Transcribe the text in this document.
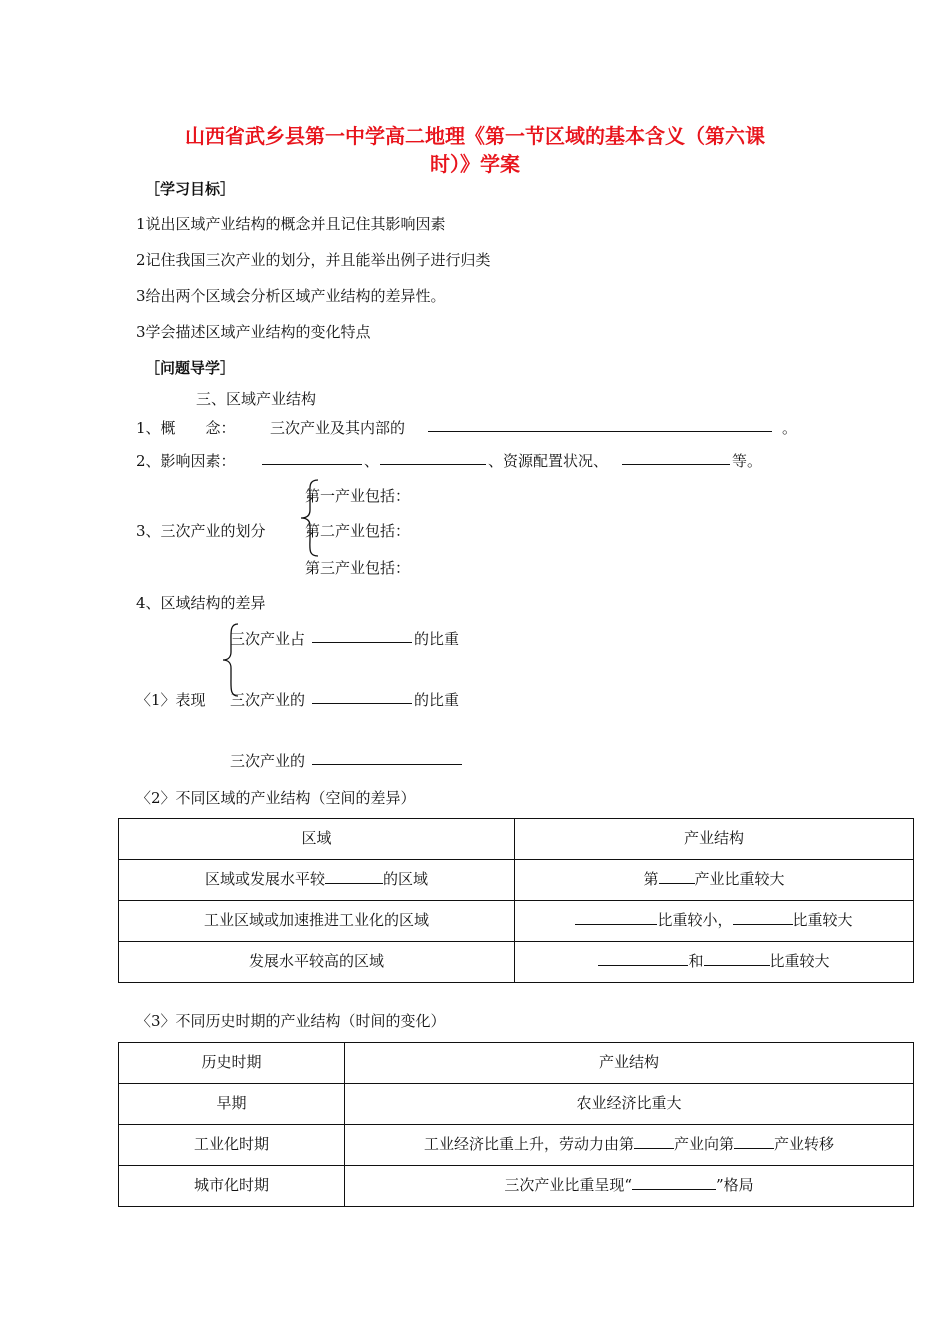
山西省武乡县第一中学高二地理《第一节区域的基本含义（第六课
时）》学案
［学习目标］
1说出区域产业结构的概念并且记住其影响因素
2记住我国三次产业的划分，并且能举出例子进行归类
3给出两个区域会分析区域产业结构的差异性。
3学会描述区域产业结构的变化特点
［问题导学］
三、区域产业结构
1、概　　念： 三次产业及其内部的	。
2、影响因素：	、	、资源配置状况、	等。
3、三次产业的划分
第一产业包括：
第二产业包括：
第三产业包括：
4、区域结构的差异
〈1〉表现
三次产业占	的比重
三次产业的	的比重
三次产业的
〈2〉不同区域的产业结构（空间的差异）
区域	产业结构
区域或发展水平较 的区域	第 产业比重较大
工业区域或加速推进工业化的区域	比重较小， 比重较大
发展水平较高的区域	和 比重较大
〈3〉不同历史时期的产业结构（时间的变化）
历史时期	产业结构
早期	农业经济比重大
工业化时期	工业经济比重上升，劳动力由第 产业向第 产业转移
城市化时期	三次产业比重呈现“ ”格局
